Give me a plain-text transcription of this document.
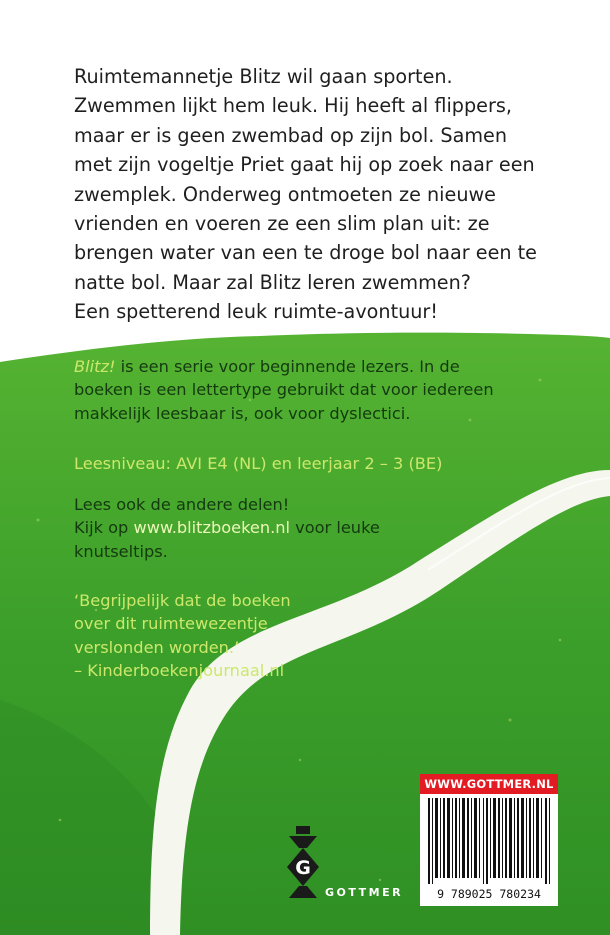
Ruimtemannetje Blitz wil gaan sporten.
Zwemmen lijkt hem leuk. Hij heeft al flippers,
maar er is geen zwembad op zijn bol. Samen
met zijn vogeltje Priet gaat hij op zoek naar een
zwemplek. Onderweg ontmoeten ze nieuwe
vrienden en voeren ze een slim plan uit: ze
brengen water van een te droge bol naar een te
natte bol. Maar zal Blitz leren zwemmen?
Een spetterend leuk ruimte-avontuur!

Blitz! is een serie voor beginnende lezers. In de
boeken is een lettertype gebruikt dat voor iedereen
makkelijk leesbaar is, ook voor dyslectici.

Leesniveau: AVI E4 (NL) en leerjaar 2 – 3 (BE)

Lees ook de andere delen!
Kijk op www.blitzboeken.nl voor leuke
knutseltips.

‘Begrijpelijk dat de boeken
over dit ruimtewezentje
verslonden worden.’
– Kinderboekenjournaal.nl

G
GOTTMER
WWW.GOTTMER.NL
9 789025 780234
